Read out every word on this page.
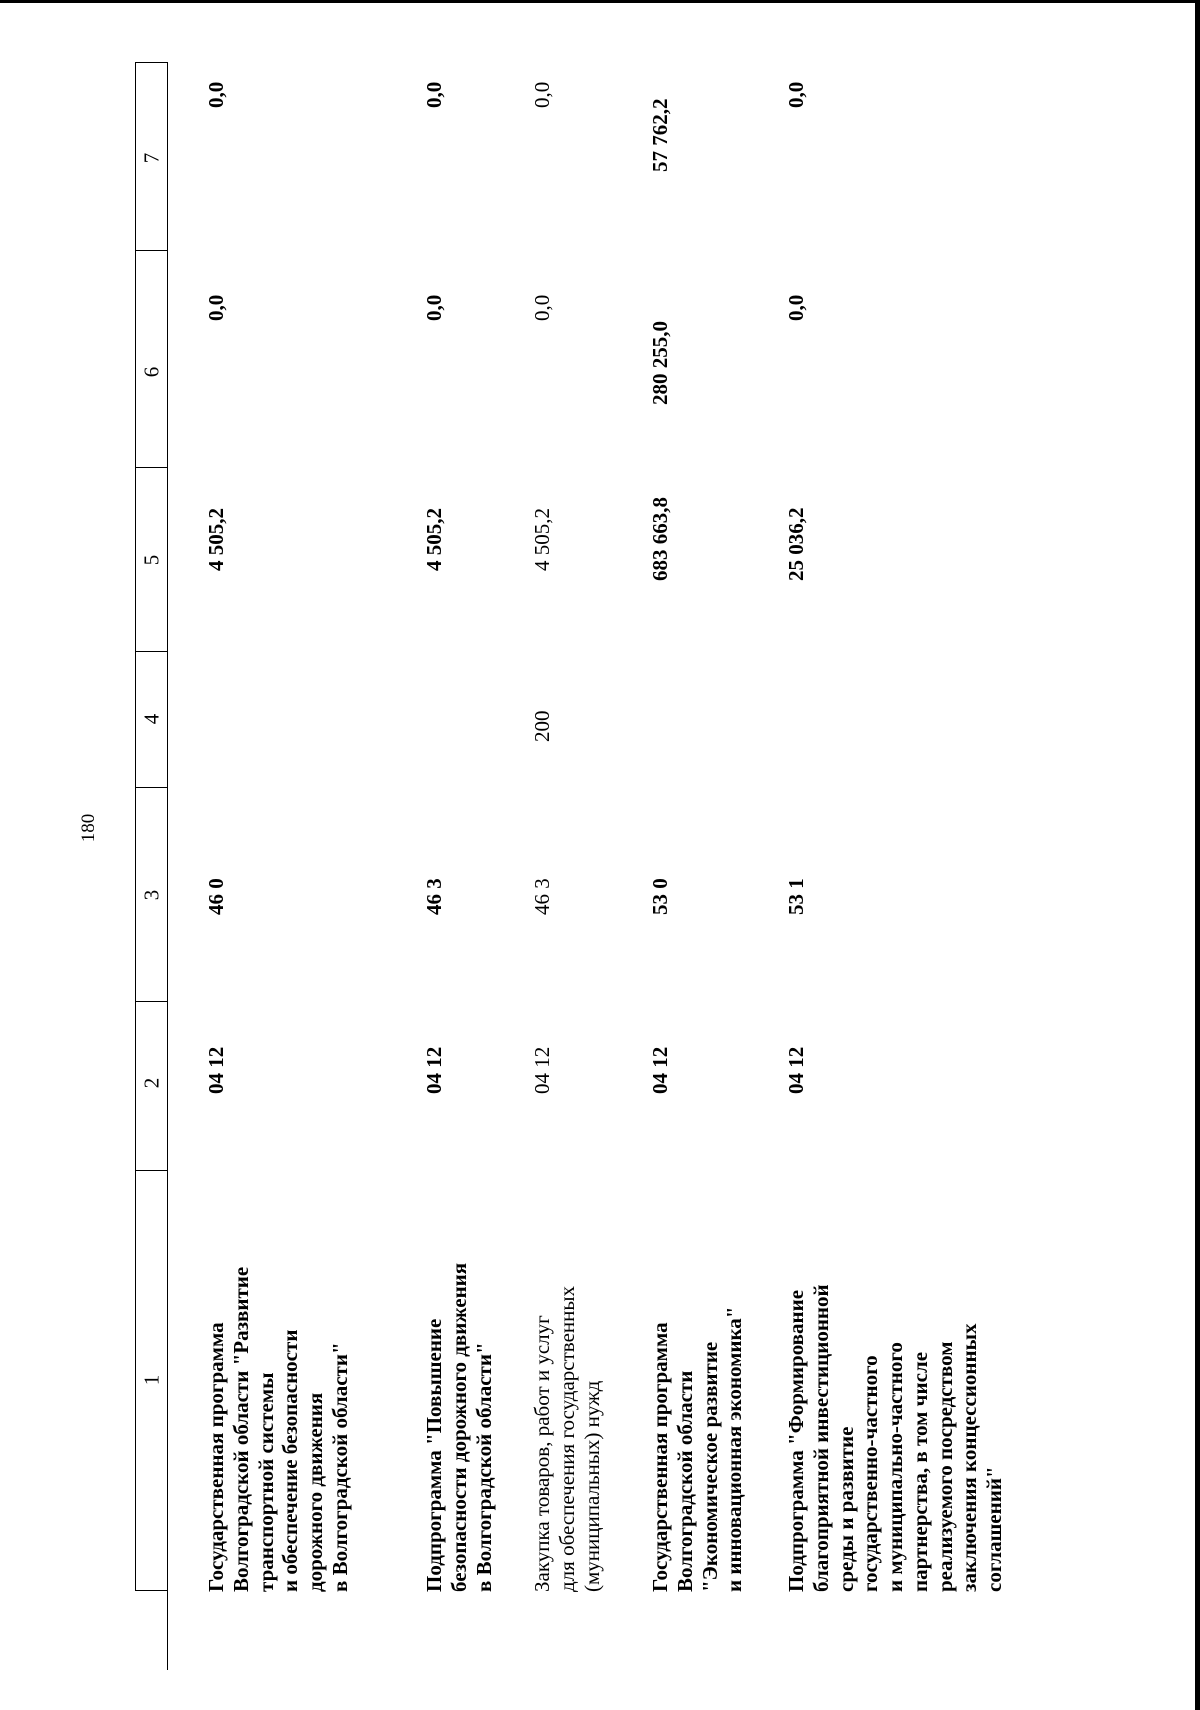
180
1
2
3
4
5
6
7
Государственная программа Волгоградской области "Развитие транспортной системы и обеспечение безопасности дорожного движения в Волгоградской области"
04 12
46 0
4 505,2
0,0
0,0
Подпрограмма "Повышение безопасности дорожного движения в Волгоградской области"
04 12
46 3
4 505,2
0,0
0,0
Закупка товаров, работ и услуг для обеспечения государственных (муниципальных) нужд
04 12
46 3
200
4 505,2
0,0
0,0
Государственная программа Волгоградской области "Экономическое развитие и инновационная экономика"
04 12
53 0
683 663,8
280 255,0
57 762,2
Подпрограмма "Формирование благоприятной инвестиционной среды и развитие государственно-частного и муниципально-частного партнерства, в том числе реализуемого посредством заключения концессионных соглашений"
04 12
53 1
25 036,2
0,0
0,0
